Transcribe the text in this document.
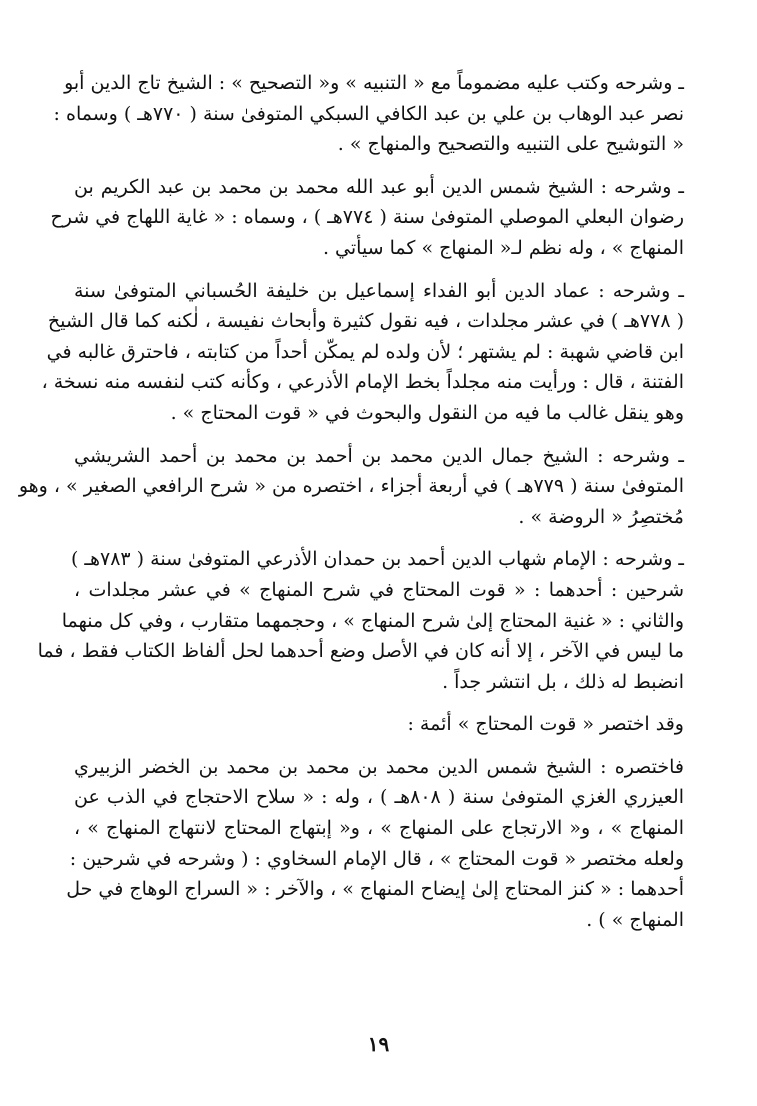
ـ وشرحه وكتب عليه مضموماً مع « التنبيه » و« التصحيح » : الشيخ تاج الدين أبو
نصر عبد الوهاب بن علي بن عبد الكافي السبكي المتوفىٰ سنة ( ٧٧٠هـ ) وسماه :
« التوشيح على التنبيه والتصحيح والمنهاج » .
ـ وشرحه : الشيخ شمس الدين أبو عبد الله محمد بن محمد بن عبد الكريم بن
رضوان البعلي الموصلي المتوفىٰ سنة ( ٧٧٤هـ ) ، وسماه : « غاية اللهاج في شرح
المنهاج » ، وله نظم لـ« المنهاج » كما سيأتي .
ـ وشرحه : عماد الدين أبو الفداء إسماعيل بن خليفة الحُسباني المتوفىٰ سنة
( ٧٧٨هـ ) في عشر مجلدات ، فيه نقول كثيرة وأبحاث نفيسة ، لٰكنه كما قال الشيخ
ابن قاضي شهبة : لم يشتهر ؛ لأن ولده لم يمكّن أحداً من كتابته ، فاحترق غالبه في
الفتنة ، قال : ورأيت منه مجلداً بخط الإمام الأذرعي ، وكأنه كتب لنفسه منه نسخة ،
وهو ينقل غالب ما فيه من النقول والبحوث في « قوت المحتاج » .
ـ وشرحه : الشيخ جمال الدين محمد بن أحمد بن محمد بن أحمد الشريشي
المتوفىٰ سنة ( ٧٧٩هـ ) في أربعة أجزاء ، اختصره من « شرح الرافعي الصغير » ، وهو
مُختصِرُ « الروضة » .
ـ وشرحه : الإمام شهاب الدين أحمد بن حمدان الأذرعي المتوفىٰ سنة ( ٧٨٣هـ )
شرحين : أحدهما : « قوت المحتاج في شرح المنهاج » في عشر مجلدات ،
والثاني : « غنية المحتاج إلىٰ شرح المنهاج » ، وحجمهما متقارب ، وفي كل منهما
ما ليس في الآخر ، إلا أنه كان في الأصل وضع أحدهما لحل ألفاظ الكتاب فقط ، فما
انضبط له ذلك ، بل انتشر جداً .
وقد اختصر « قوت المحتاج » أئمة :
فاختصره : الشيخ شمس الدين محمد بن محمد بن محمد بن الخضر الزبيري
العيزري الغزي المتوفىٰ سنة ( ٨٠٨هـ ) ، وله : « سلاح الاحتجاج في الذب عن
المنهاج » ، و« الارتجاج على المنهاج » ، و« إبتهاج المحتاج لانتهاج المنهاج » ،
ولعله مختصر « قوت المحتاج » ، قال الإمام السخاوي : ( وشرحه في شرحين :
أحدهما : « كنز المحتاج إلىٰ إيضاح المنهاج » ، والآخر : « السراج الوهاج في حل
المنهاج » ) .
١٩
